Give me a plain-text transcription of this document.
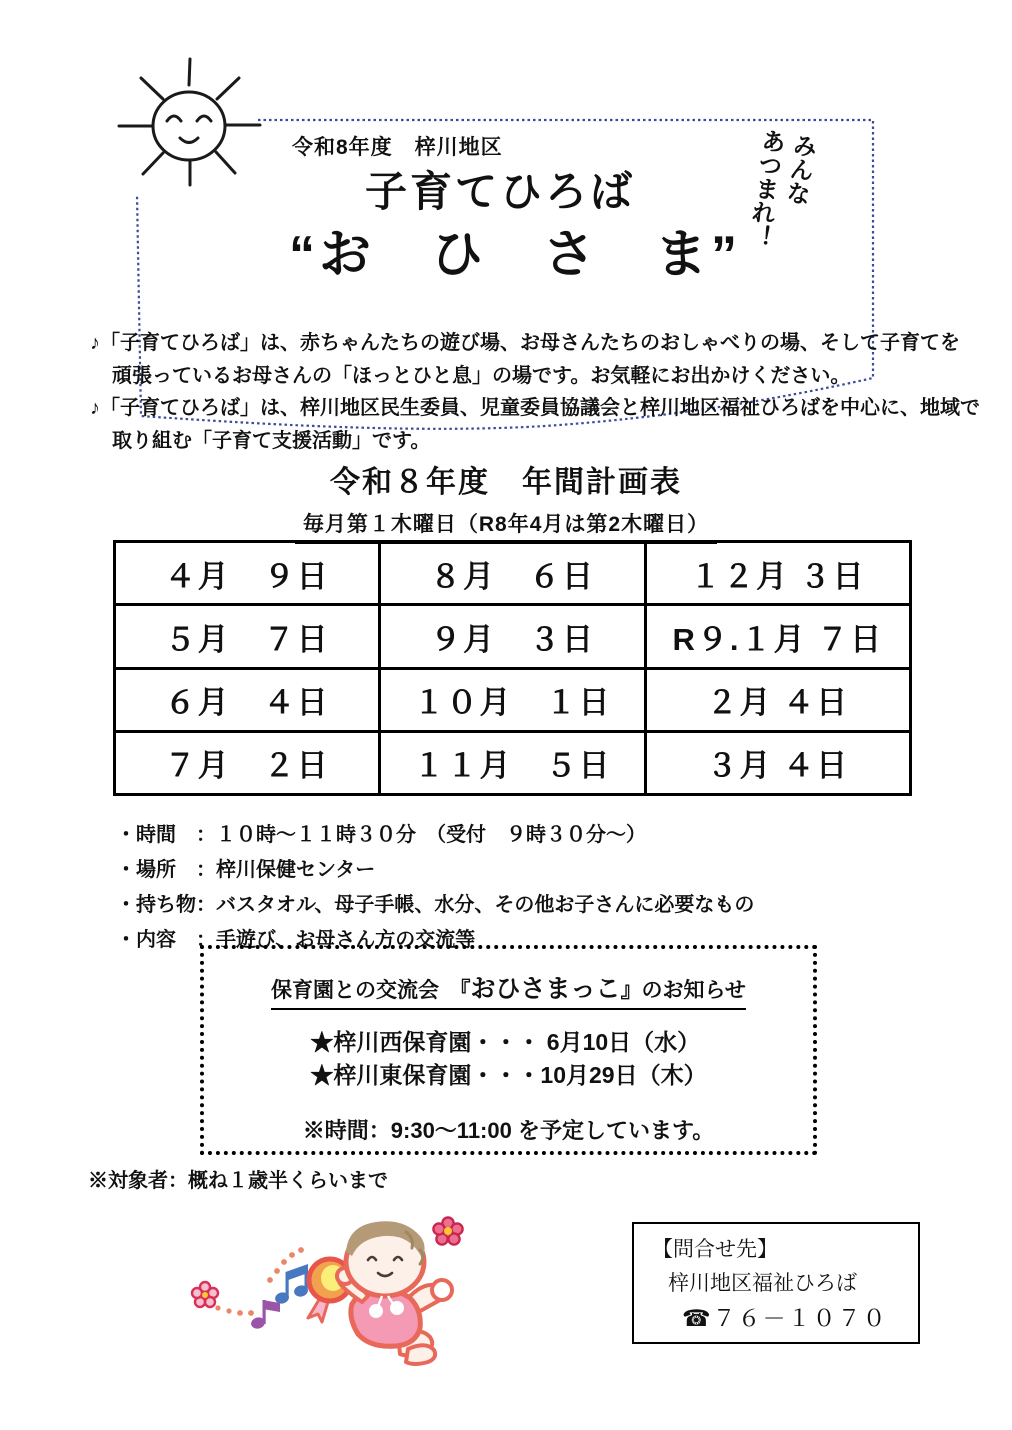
令和8年度　梓川地区
子育てひろば
“お　ひ　さ　ま”
みんな
あつまれ！
♪「子育てひろば」は、赤ちゃんたちの遊び場、お母さんたちのおしゃべりの場、そして子育てを
頑張っているお母さんの「ほっとひと息」の場です。お気軽にお出かけください。
♪「子育てひろば」は、梓川地区民生委員、児童委員協議会と梓川地区福祉ひろばを中心に、地域で
取り組む「子育て支援活動」です。
令和８年度　年間計画表
毎月第１木曜日（R8年4月は第2木曜日）
４月　９日	８月　６日	１２月 ３日
５月　７日	９月　３日	R９.１月 ７日
６月　４日	１０月　１日	２月 ４日
７月　２日	１１月　５日	３月 ４日
・時間　：１０時～１１時３０分　（受付　９時３０分～）
・場所　：梓川保健センター
・持ち物：バスタオル、母子手帳、水分、その他お子さんに必要なもの
・内容　：手遊び、お母さん方の交流等
保育園との交流会　『おひさまっこ』のお知らせ
★梓川西保育園・・・ 6月10日（水）
★梓川東保育園・・・10月29日（木）
※時間：9:30～11:00 を予定しています。
※対象者：概ね１歳半くらいまで
【問合せ先】
梓川地区福祉ひろば
☎７６－１０７０
